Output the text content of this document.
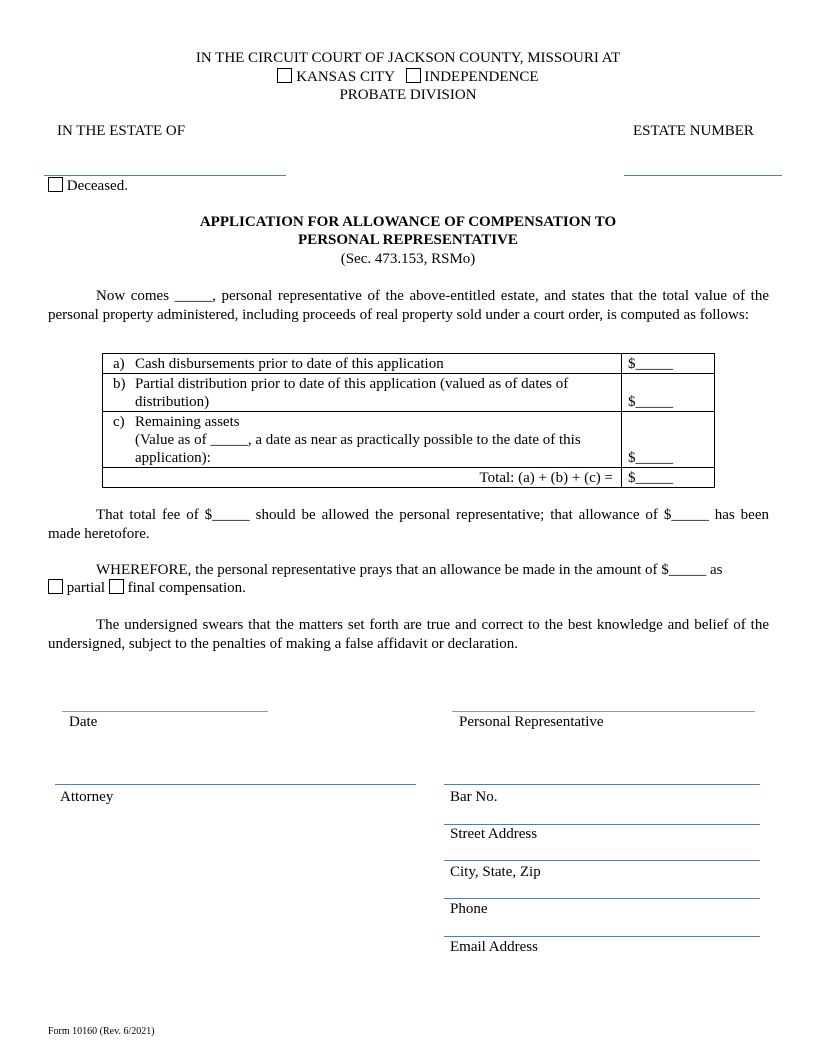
IN THE CIRCUIT COURT OF JACKSON COUNTY, MISSOURI AT
KANSAS CITY INDEPENDENCE
PROBATE DIVISION
IN THE ESTATE OF	ESTATE NUMBER
Deceased.
APPLICATION FOR ALLOWANCE OF COMPENSATION TO
PERSONAL REPRESENTATIVE
(Sec. 473.153, RSMo)
Now comes _____, personal representative of the above-entitled estate, and states that the total value of the personal property administered, including proceeds of real property sold under a court order, is computed as follows:
a) Cash disbursements prior to date of this application	$_____

b) Partial distribution prior to date of this application (valued as of dates of distribution)	$_____

c) Remaining assets
(Value as of _____, a date as near as practically possible to the date of this application):	$_____
Total: (a) + (b) + (c) =	$_____
That total fee of $_____ should be allowed the personal representative; that allowance of $_____ has been made heretofore.
WHEREFORE, the personal representative prays that an allowance be made in the amount of $_____ as
partial final compensation.
The undersigned swears that the matters set forth are true and correct to the best knowledge and belief of the undersigned, subject to the penalties of making a false affidavit or declaration.
Date	Personal Representative
Attorney	Bar No.
Street Address
City, State, Zip
Phone
Email Address
Form 10160 (Rev. 6/2021)
